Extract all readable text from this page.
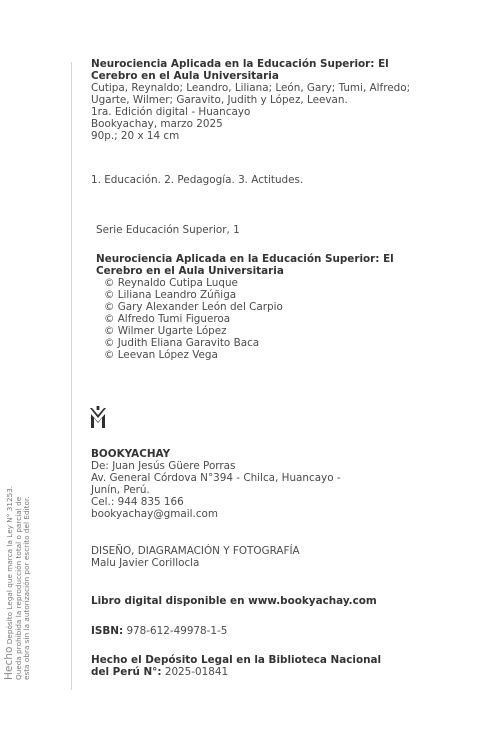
Hecho Depósito Legal que marca la Ley N° 31253. Queda prohibida la reproducción total o parcial de esta obra sin la autorización por escrito del Editor.
Neurociencia Aplicada en la Educación Superior: El
Cerebro en el Aula Universitaria
Cutipa, Reynaldo; Leandro, Liliana; León, Gary; Tumi, Alfredo;
Ugarte, Wilmer; Garavito, Judith y López, Leevan.
1ra. Edición digital - Huancayo
Bookyachay, marzo 2025
90p.; 20 x 14 cm
1. Educación. 2. Pedagogía. 3. Actitudes.
Serie Educación Superior, 1
Neurociencia Aplicada en la Educación Superior: El
Cerebro en el Aula Universitaria
© Reynaldo Cutipa Luque
© Liliana Leandro Zúñiga
© Gary Alexander León del Carpio
© Alfredo Tumi Figueroa
© Wilmer Ugarte López
© Judith Eliana Garavito Baca
© Leevan López Vega
BOOKYACHAY
De: Juan Jesús Güere Porras
Av. General Córdova N°394 - Chilca, Huancayo -
Junín, Perú.
Cel.: 944 835 166
bookyachay@gmail.com
DISEÑO, DIAGRAMACIÓN Y FOTOGRAFÍA
Malu Javier Corillocla
Libro digital disponible en www.bookyachay.com
ISBN: 978-612-49978-1-5
Hecho el Depósito Legal en la Biblioteca Nacional
del Perú N°: 2025-01841
